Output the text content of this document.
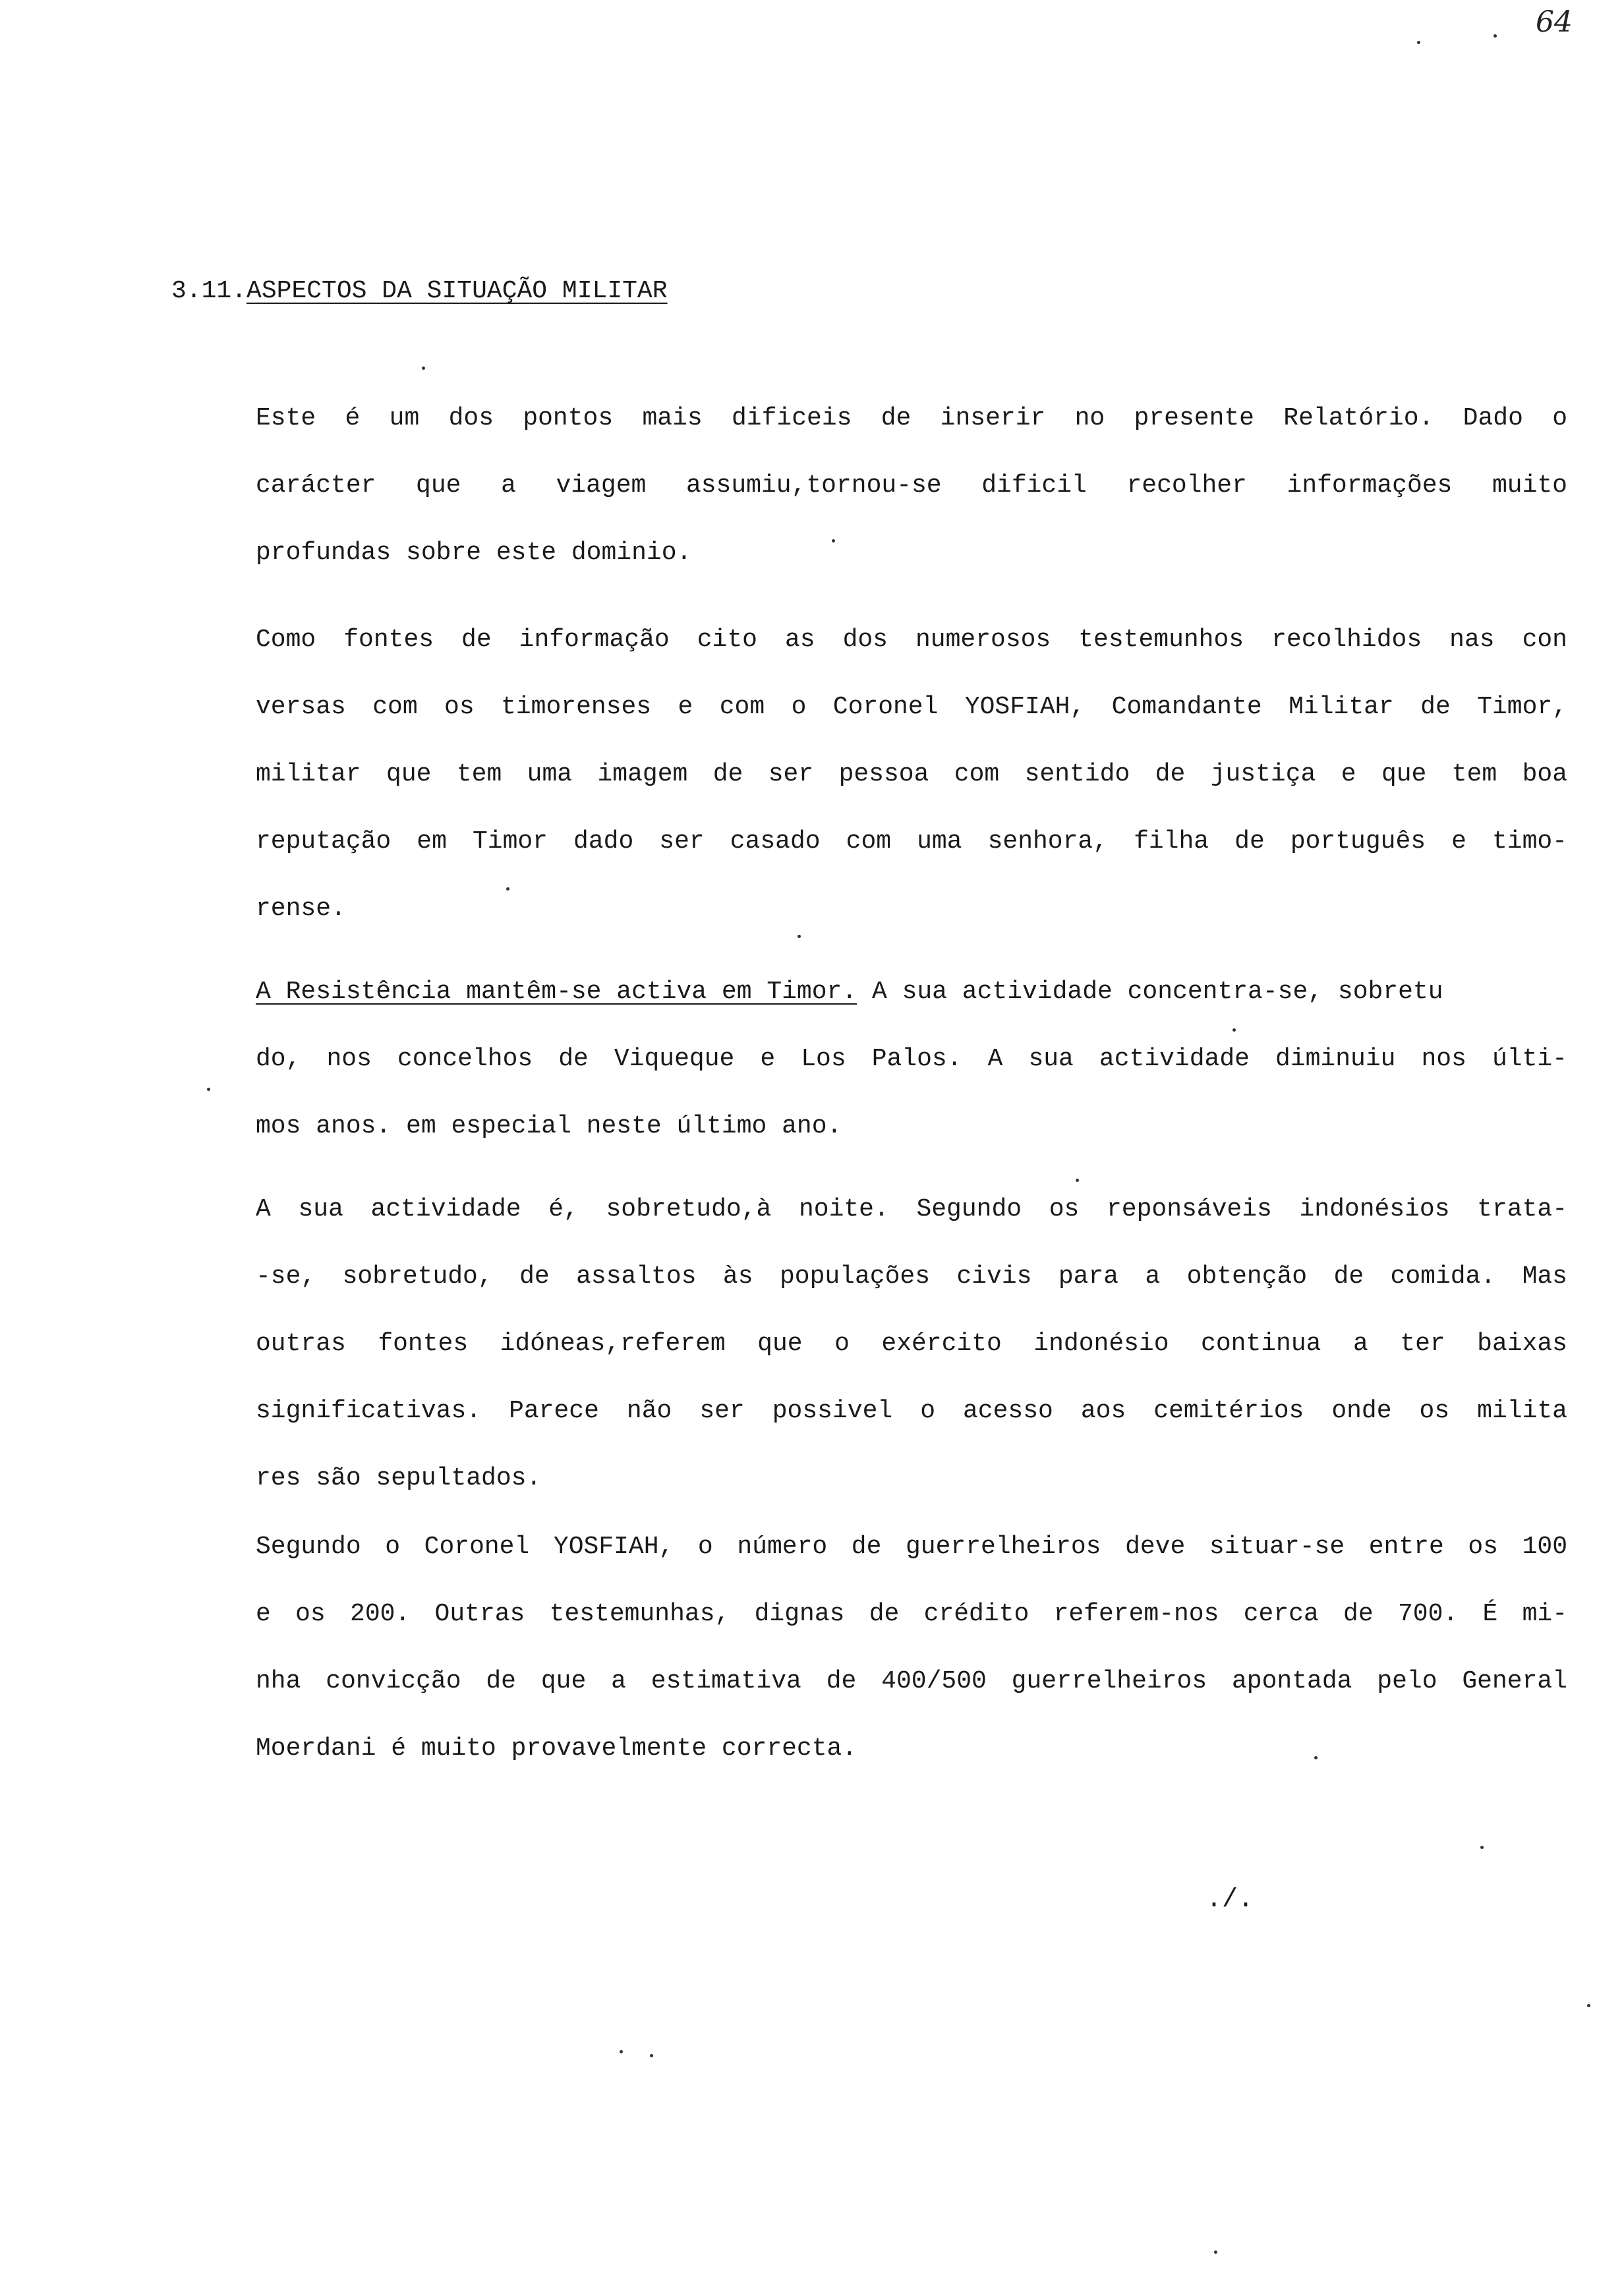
64
3.11.ASPECTOS DA SITUAÇÃO MILITAR
Este é um dos pontos mais dificeis de inserir no presente Relatório. Dado o
carácter que a viagem assumiu,tornou-se dificil recolher informações muito
profundas sobre este dominio.
Como fontes de informação cito as dos numerosos testemunhos recolhidos nas con
versas com os timorenses e com o Coronel YOSFIAH, Comandante Militar de Timor,
militar que tem uma imagem de ser pessoa com sentido de justiça e que tem boa
reputação em Timor dado ser casado com uma senhora, filha de português e timo-
rense.
A Resistência mantêm-se activa em Timor. A sua actividade concentra-se, sobretu
do, nos concelhos de Viqueque e Los Palos. A sua actividade diminuiu nos últi-
mos anos. em especial neste último ano.
A sua actividade é, sobretudo,à noite. Segundo os reponsáveis indonésios trata-
-se, sobretudo, de assaltos às populações civis para a obtenção de comida. Mas
outras fontes idóneas,referem que o exército indonésio continua a ter baixas
significativas. Parece não ser possivel o acesso aos cemitérios onde os milita
res são sepultados.
Segundo o Coronel YOSFIAH, o número de guerrelheiros deve situar-se entre os 100
e os 200. Outras testemunhas, dignas de crédito referem-nos cerca de 700. É mi-
nha convicção de que a estimativa de 400/500 guerrelheiros apontada pelo General
Moerdani é muito provavelmente correcta.
./.
